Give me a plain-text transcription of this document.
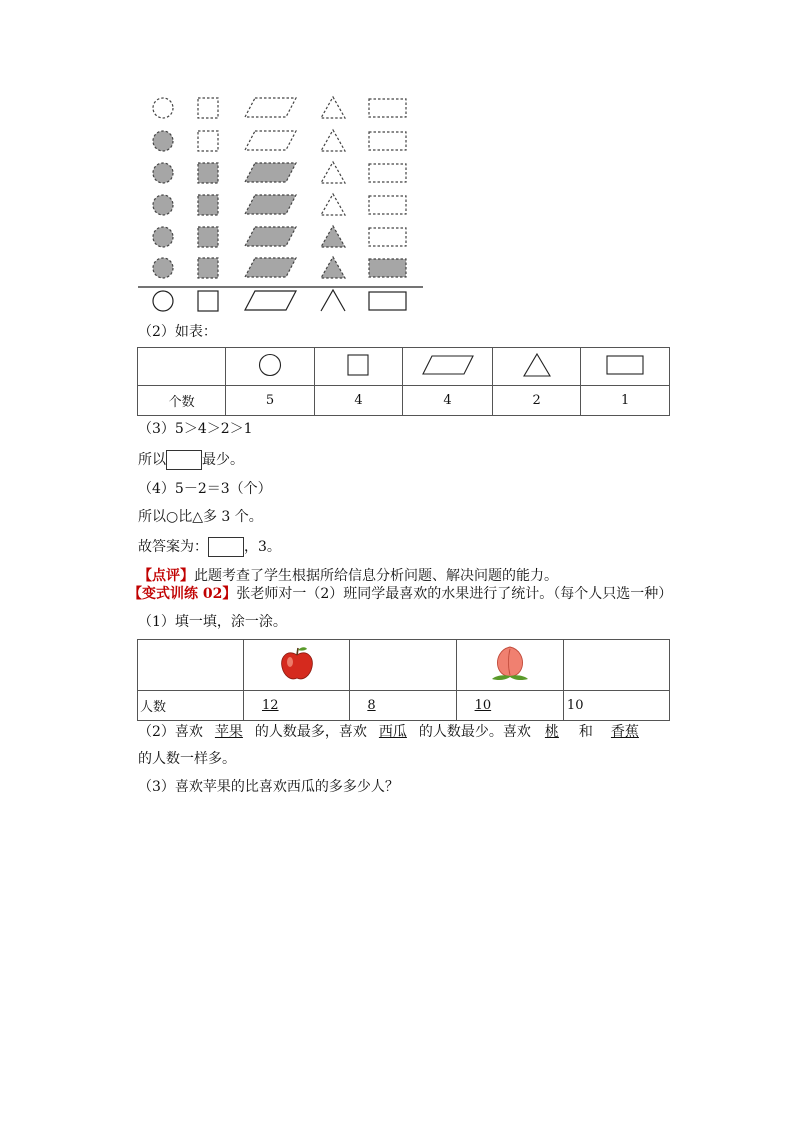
（2）如表：

个数	5	4	4	2	1
（3）5＞4＞2＞1
所以	最少。
（4）5－2＝3（个）
所以○比△多 3 个。
故答案为：	，3。
【点评】此题考查了学生根据所给信息分析问题、解决问题的能力。
【变式训练 02】张老师对一（2）班同学最喜欢的水果进行了统计。（每个人只选一种）
（1）填一填，涂一涂。

人数	12	8	10	10
（2）喜欢 苹果 的人数最多，喜欢 西瓜 的人数最少。喜欢 桃 和 香蕉
的人数一样多。
（3）喜欢苹果的比喜欢西瓜的多多少人？
